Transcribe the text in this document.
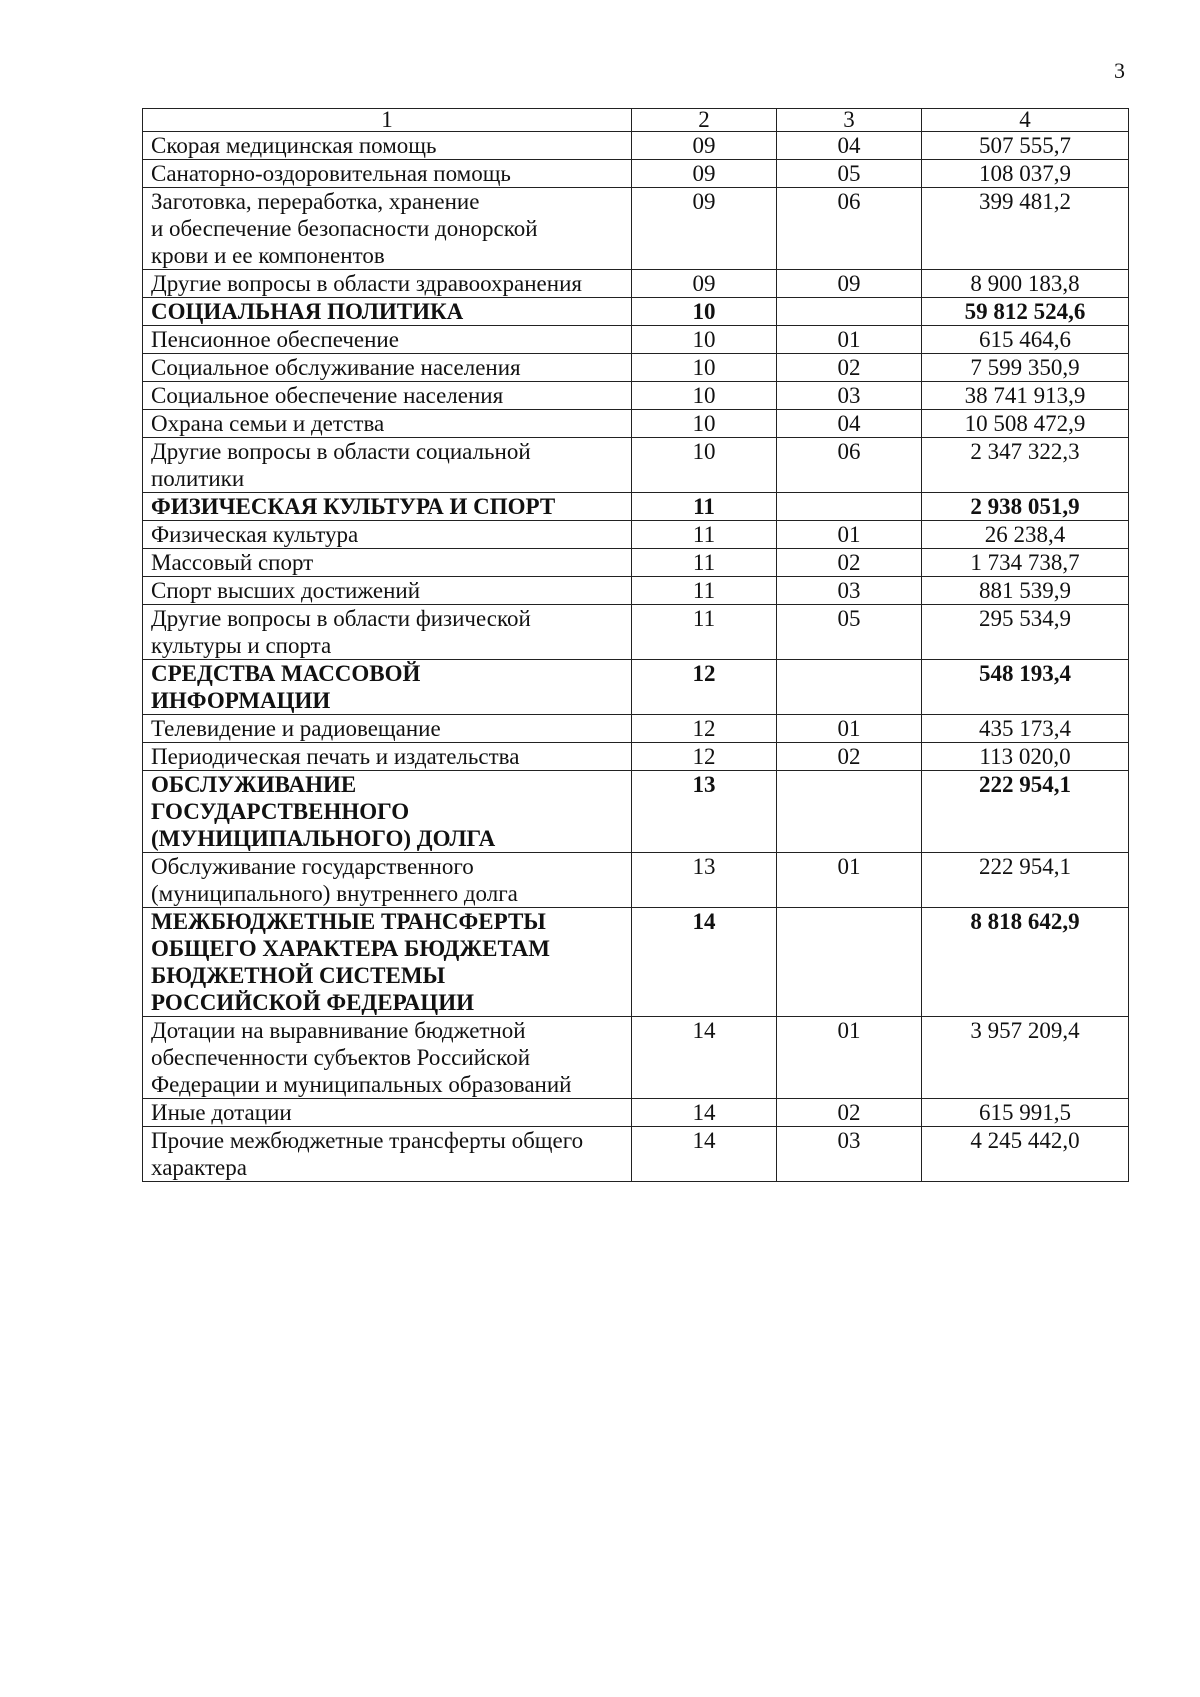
3
1	2	3	4
Скорая медицинская помощь	09	04	507 555,7
Санаторно-оздоровительная помощь	09	05	108 037,9
Заготовка, переработка, хранение
и обеспечение безопасности донорской
крови и ее компонентов	09	06	399 481,2
Другие вопросы в области здравоохранения	09	09	8 900 183,8
СОЦИАЛЬНАЯ ПОЛИТИКА	10		59 812 524,6
Пенсионное обеспечение	10	01	615 464,6
Социальное обслуживание населения	10	02	7 599 350,9
Социальное обеспечение населения	10	03	38 741 913,9
Охрана семьи и детства	10	04	10 508 472,9
Другие вопросы в области социальной
политики	10	06	2 347 322,3
ФИЗИЧЕСКАЯ КУЛЬТУРА И СПОРТ	11		2 938 051,9
Физическая культура	11	01	26 238,4
Массовый спорт	11	02	1 734 738,7
Спорт высших достижений	11	03	881 539,9
Другие вопросы в области физической
культуры и спорта	11	05	295 534,9
СРЕДСТВА МАССОВОЙ
ИНФОРМАЦИИ	12		548 193,4
Телевидение и радиовещание	12	01	435 173,4
Периодическая печать и издательства	12	02	113 020,0
ОБСЛУЖИВАНИЕ
ГОСУДАРСТВЕННОГО
(МУНИЦИПАЛЬНОГО) ДОЛГА	13		222 954,1
Обслуживание государственного
(муниципального) внутреннего долга	13	01	222 954,1
МЕЖБЮДЖЕТНЫЕ ТРАНСФЕРТЫ
ОБЩЕГО ХАРАКТЕРА БЮДЖЕТАМ
БЮДЖЕТНОЙ СИСТЕМЫ
РОССИЙСКОЙ ФЕДЕРАЦИИ	14		8 818 642,9
Дотации на выравнивание бюджетной
обеспеченности субъектов Российской
Федерации и муниципальных образований	14	01	3 957 209,4
Иные дотации	14	02	615 991,5
Прочие межбюджетные трансферты общего
характера	14	03	4 245 442,0
